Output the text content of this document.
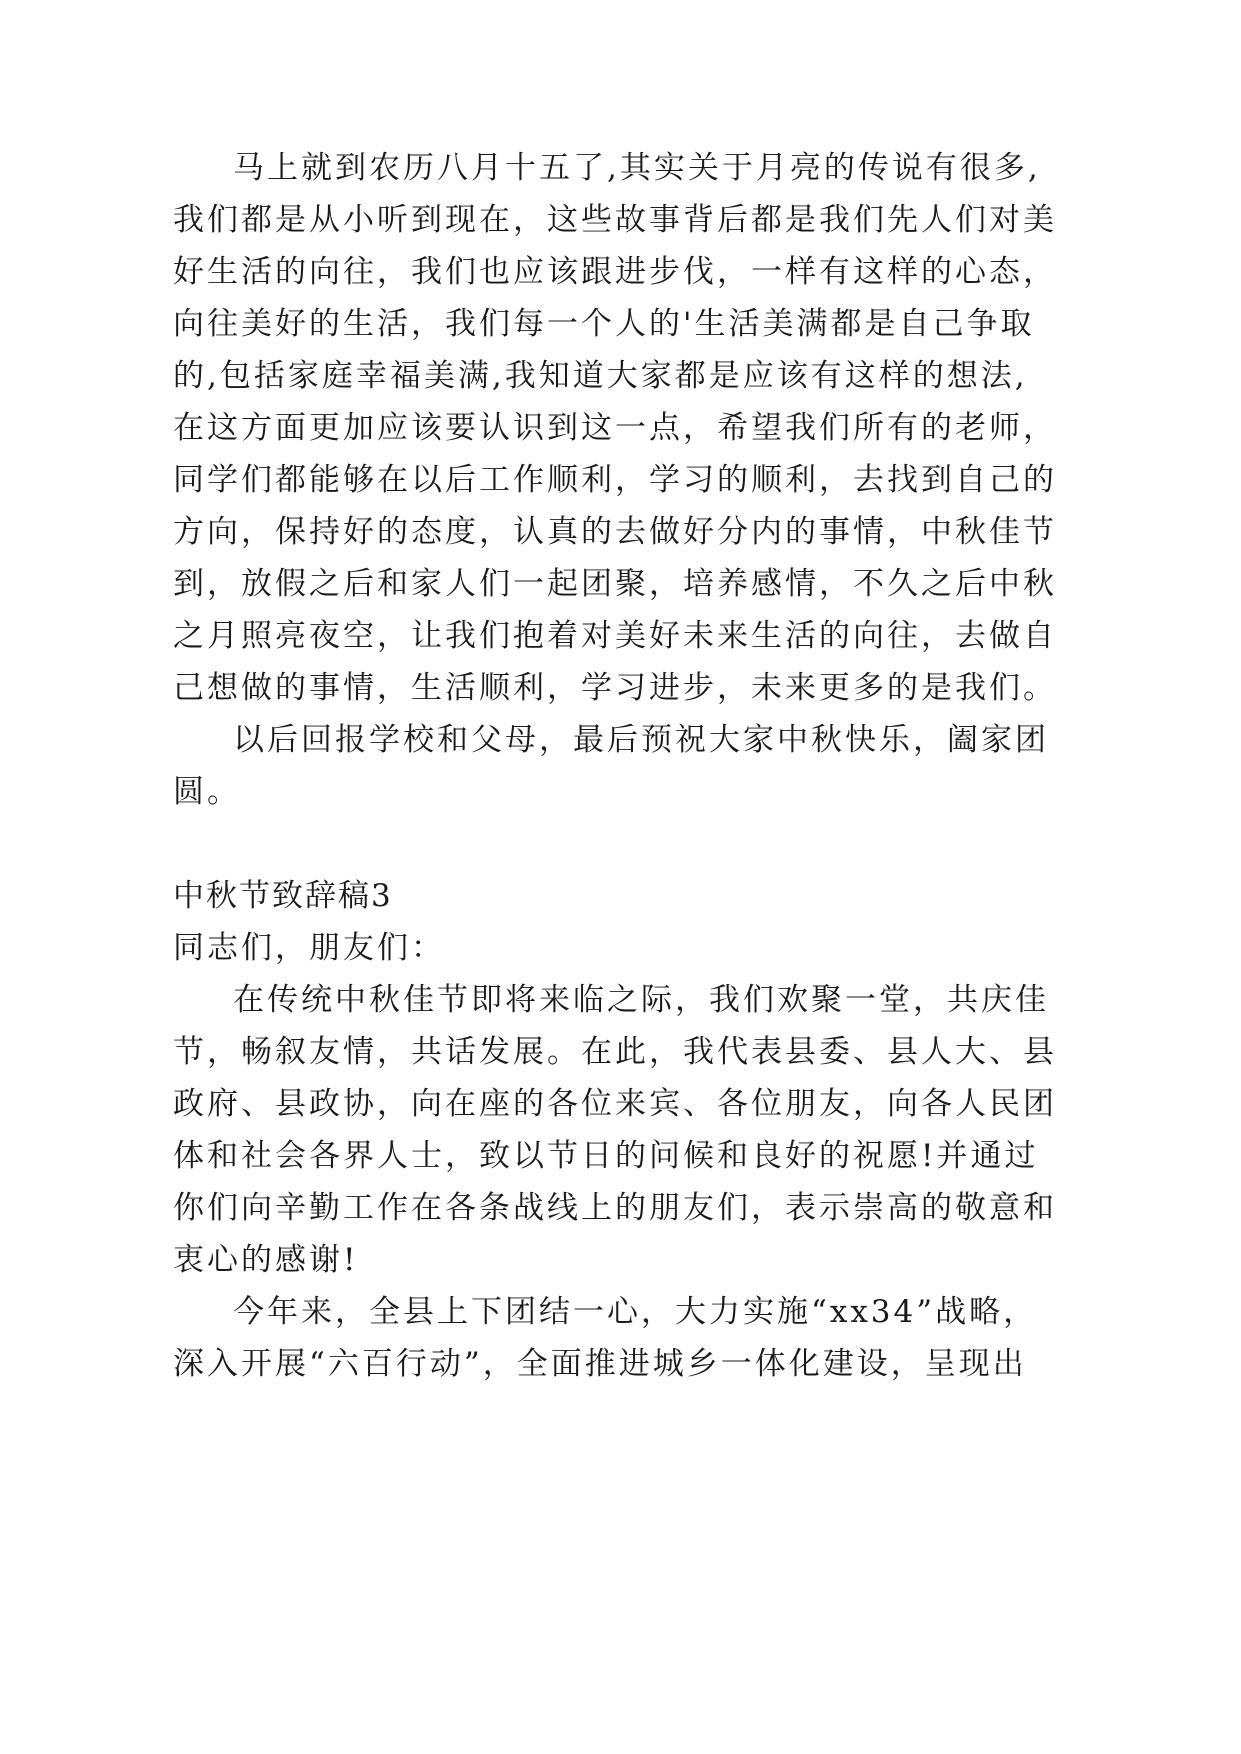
马上就到农历八月十五了,其实关于月亮的传说有很多,
我们都是从小听到现在，这些故事背后都是我们先人们对美
好生活的向往，我们也应该跟进步伐，一样有这样的心态，
向往美好的生活，我们每一个人的'生活美满都是自己争取
的,包括家庭幸福美满,我知道大家都是应该有这样的想法,
在这方面更加应该要认识到这一点，希望我们所有的老师，
同学们都能够在以后工作顺利，学习的顺利，去找到自己的
方向，保持好的态度，认真的去做好分内的事情，中秋佳节
到，放假之后和家人们一起团聚，培养感情，不久之后中秋
之月照亮夜空，让我们抱着对美好未来生活的向往，去做自
己想做的事情，生活顺利，学习进步，未来更多的是我们。
以后回报学校和父母，最后预祝大家中秋快乐，阖家团
圆。
中秋节致辞稿3
同志们，朋友们：
在传统中秋佳节即将来临之际，我们欢聚一堂，共庆佳
节，畅叙友情，共话发展。在此，我代表县委、县人大、县
政府、县政协，向在座的各位来宾、各位朋友，向各人民团
体和社会各界人士，致以节日的问候和良好的祝愿!并通过
你们向辛勤工作在各条战线上的朋友们，表示崇高的敬意和
衷心的感谢!
今年来，全县上下团结一心，大力实施“xx34”战略，
深入开展“六百行动”，全面推进城乡一体化建设，呈现出
